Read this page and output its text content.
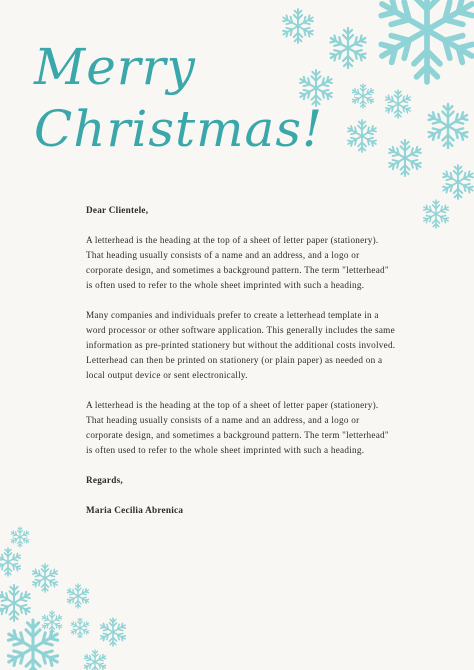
Merry
Christmas!

Dear Clientele,

A letterhead is the heading at the top of a sheet of letter paper (stationery). That heading usually consists of a name and an address, and a logo or corporate design, and sometimes a background pattern. The term "letterhead" is often used to refer to the whole sheet imprinted with such a heading.

Many companies and individuals prefer to create a letterhead template in a word processor or other software application. This generally includes the same information as pre-printed stationery but without the additional costs involved. Letterhead can then be printed on stationery (or plain paper) as needed on a local output device or sent electronically.

A letterhead is the heading at the top of a sheet of letter paper (stationery). That heading usually consists of a name and an address, and a logo or corporate design, and sometimes a background pattern. The term "letterhead" is often used to refer to the whole sheet imprinted with such a heading.

Regards,

Maria Cecilia Abrenica
